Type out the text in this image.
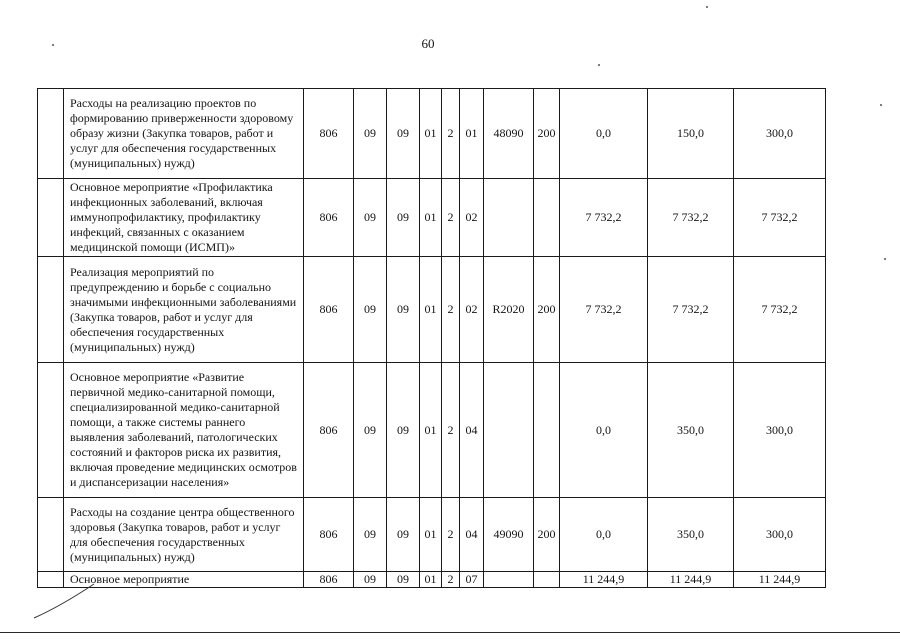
60
Расходы на реализацию проектов по формированию приверженности здоровому образу жизни (Закупка товаров, работ и услуг для обеспечения государственных (муниципальных) нужд)	806	09	09	01	2	01	48090	200	0,0	150,0	300,0

Основное мероприятие «Профилактика инфекционных заболеваний, включая иммунопрофилактику, профилактику инфекций, связанных с оказанием медицинской помощи (ИСМП)»	806	09	09	01	2	02			7 732,2	7 732,2	7 732,2

Реализация мероприятий по предупреждению и борьбе с социально значимыми инфекционными заболеваниями (Закупка товаров, работ и услуг для обеспечения государственных (муниципальных) нужд)	806	09	09	01	2	02	R2020	200	7 732,2	7 732,2	7 732,2

Основное мероприятие «Развитие первичной медико-санитарной помощи, специализированной медико-санитарной помощи, а также системы раннего выявления заболеваний, патологических состояний и факторов риска их развития, включая проведение медицинских осмотров и диспансеризации населения»	806	09	09	01	2	04			0,0	350,0	300,0

Расходы на создание центра общественного здоровья (Закупка товаров, работ и услуг для обеспечения государственных (муниципальных) нужд)	806	09	09	01	2	04	49090	200	0,0	350,0	300,0

Основное мероприятие	806	09	09	01	2	07			11 244,9	11 244,9	11 244,9
